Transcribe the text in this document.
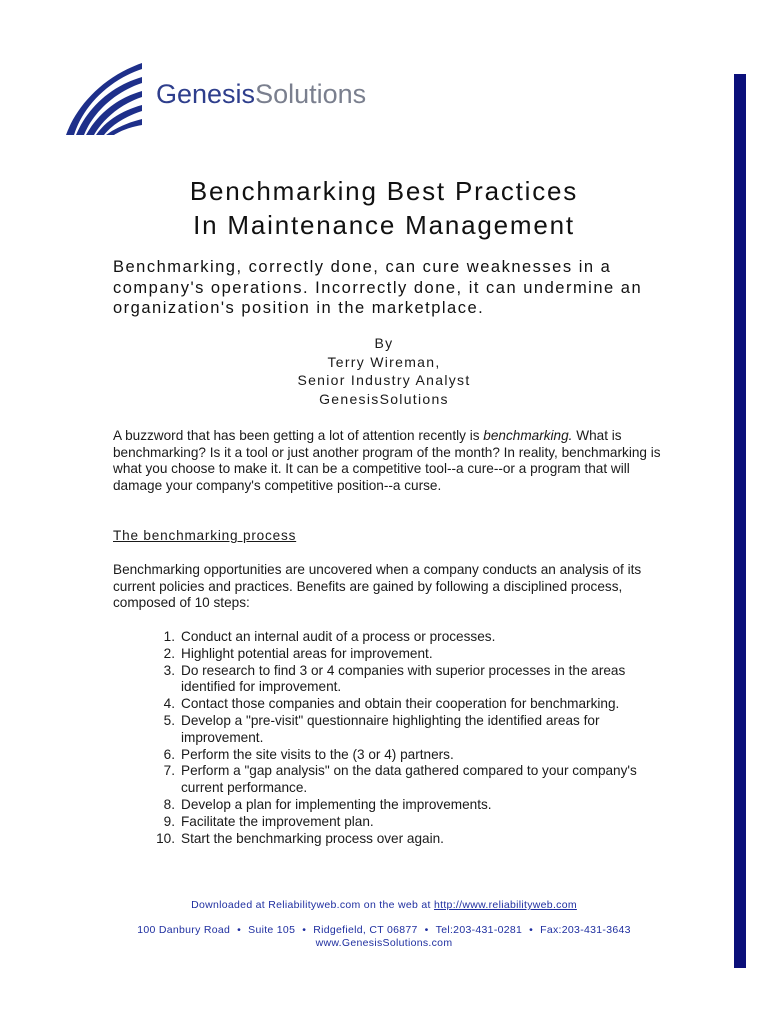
GenesisSolutions
Benchmarking Best Practices
In Maintenance Management
Benchmarking, correctly done, can cure weaknesses in a company's operations. Incorrectly done, it can undermine an organization's position in the marketplace.
By
Terry Wireman,
Senior Industry Analyst
GenesisSolutions
A buzzword that has been getting a lot of attention recently is benchmarking. What is benchmarking? Is it a tool or just another program of the month? In reality, benchmarking is what you choose to make it. It can be a competitive tool--a cure--or a program that will damage your company's competitive position--a curse.
The benchmarking process
Benchmarking opportunities are uncovered when a company conducts an analysis of its current policies and practices. Benefits are gained by following a disciplined process, composed of 10 steps:
1. Conduct an internal audit of a process or processes.
2. Highlight potential areas for improvement.
3. Do research to find 3 or 4 companies with superior processes in the areas identified for improvement.
4. Contact those companies and obtain their cooperation for benchmarking.
5. Develop a "pre-visit" questionnaire highlighting the identified areas for improvement.
6. Perform the site visits to the (3 or 4) partners.
7. Perform a "gap analysis" on the data gathered compared to your company's current performance.
8. Develop a plan for implementing the improvements.
9. Facilitate the improvement plan.
10. Start the benchmarking process over again.
Downloaded at Reliabilityweb.com on the web at http://www.reliabilityweb.com
100 Danbury Road • Suite 105 • Ridgefield, CT 06877 • Tel:203-431-0281 • Fax:203-431-3643
www.GenesisSolutions.com
